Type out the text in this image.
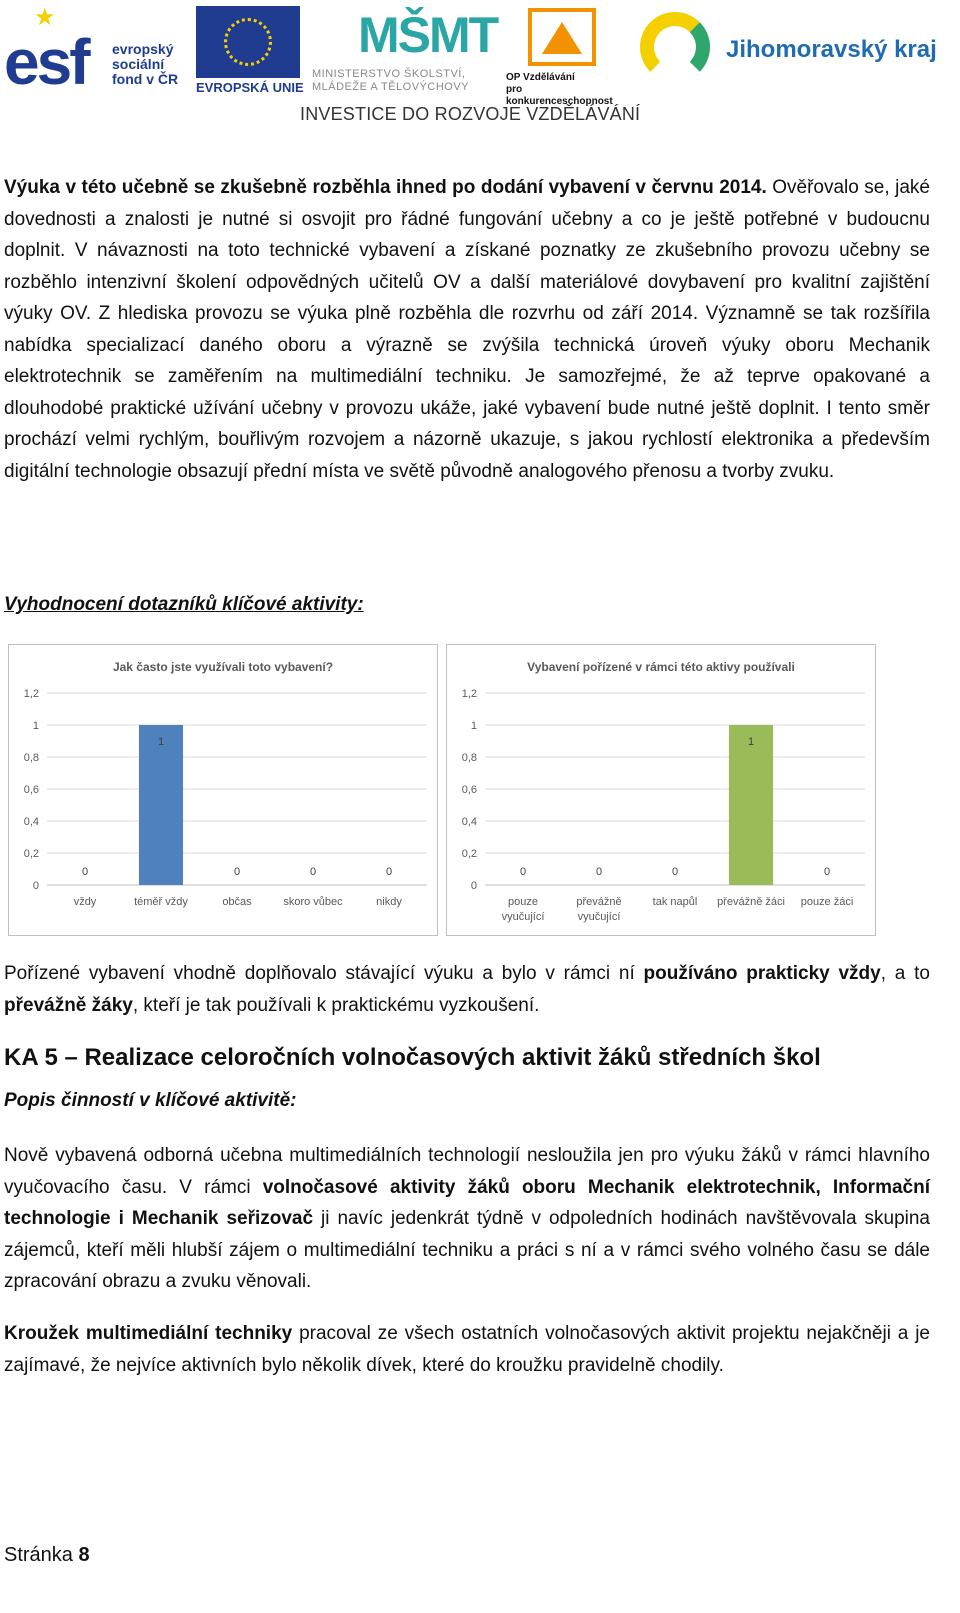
★
esf	evropský
sociální
fond v ČR
EVROPSKÁ UNIE
MŠMT
MINISTERSTVO ŠKOLSTVÍ,
MLÁDEŽE A TĚLOVÝCHOVY
OP Vzdělávání
pro konkurenceschopnost
Jihomoravský kraj
INVESTICE DO ROZVOJE VZDĚLÁVÁNÍ
Výuka v této učebně se zkušebně rozběhla ihned po dodání vybavení v červnu 2014. Ověřovalo se, jaké dovednosti a znalosti je nutné si osvojit pro řádné fungování učebny a co je ještě potřebné v budoucnu doplnit. V návaznosti na toto technické vybavení a získané poznatky ze zkušebního provozu učebny se rozběhlo intenzivní školení odpovědných učitelů OV a další materiálové dovybavení pro kvalitní zajištění výuky OV. Z hlediska provozu se výuka plně rozběhla dle rozvrhu od září 2014. Významně se tak rozšířila nabídka specializací daného oboru a výrazně se zvýšila technická úroveň výuky oboru Mechanik elektrotechnik se zaměřením na multimediální techniku. Je samozřejmé, že až teprve opakované a dlouhodobé praktické užívání učebny v provozu ukáže, jaké vybavení bude nutné ještě doplnit. I tento směr prochází velmi rychlým, bouřlivým rozvojem a názorně ukazuje, s jakou rychlostí elektronika a především digitální technologie obsazují přední místa ve světě původně analogového přenosu a tvorby zvuku.
Vyhodnocení dotazníků klíčové aktivity:
Jak často jste využívali toto vybavení?
0
0,2
0,4
0,6
0,8
1
1,2
0
vždy
1
téměř vždy
0
občas
0
skoro vůbec
0
nikdy
Vybavení pořízené v rámci této aktivy používali
0
0,2
0,4
0,6
0,8
1
1,2
0
pouze
vyučující
0
převážně
vyučující
0
tak napůl
1
převážně žáci
0
pouze žáci
Pořízené vybavení vhodně doplňovalo stávající výuku a bylo v rámci ní používáno prakticky vždy, a to převážně žáky, kteří je tak používali k praktickému vyzkoušení.
KA 5 – Realizace celoročních volnočasových aktivit žáků středních škol
Popis činností v klíčové aktivitě:
Nově vybavená odborná učebna multimediálních technologií nesloužila jen pro výuku žáků v rámci hlavního vyučovacího času. V rámci volnočasové aktivity žáků oboru Mechanik elektrotechnik, Informační technologie i Mechanik seřizovač ji navíc jedenkrát týdně v odpoledních hodinách navštěvovala skupina zájemců, kteří měli hlubší zájem o multimediální techniku a práci s ní a v rámci svého volného času se dále zpracování obrazu a zvuku věnovali.
Kroužek multimediální techniky pracoval ze všech ostatních volnočasových aktivit projektu nejakčněji a je zajímavé, že nejvíce aktivních bylo několik dívek, které do kroužku pravidelně chodily.
Stránka 8
